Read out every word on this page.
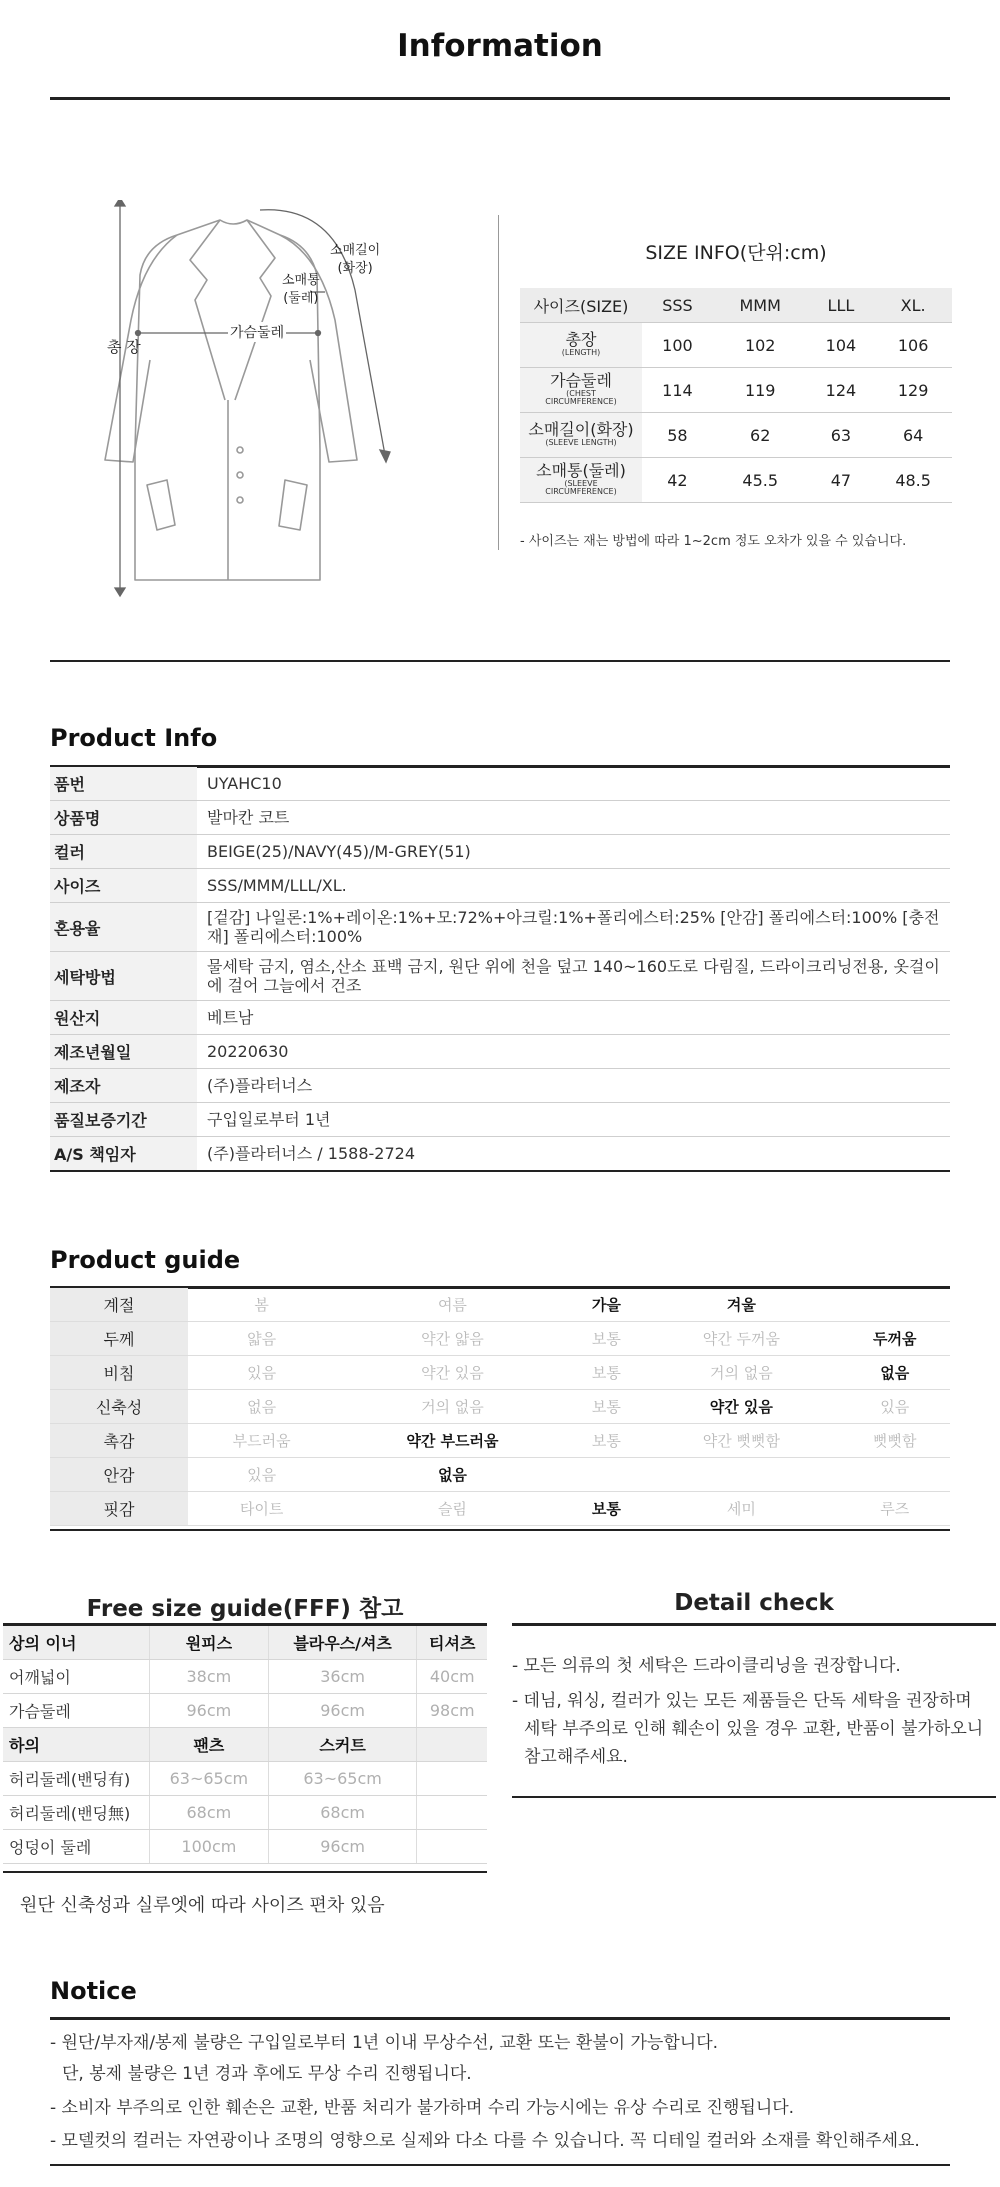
Information
총 장
가슴둘레
소매통
(둘레)
소매길이
(화장)
SIZE INFO(단위:cm)
사이즈(SIZE)	SSS	MMM	LLL	XL.

총장
(LENGTH)	100	102	104	106

가슴둘레
(CHEST CIRCUMFERENCE)	114	119	124	129

소매길이(화장)
(SLEEVE LENGTH)	58	62	63	64

소매통(둘레)
(SLEEVE CIRCUMFERENCE)	42	45.5	47	48.5
- 사이즈는 재는 방법에 따라 1~2cm 정도 오차가 있을 수 있습니다.
Product Info
품번	UYAHC10
상품명	발마칸 코트
컬러	BEIGE(25)/NAVY(45)/M-GREY(51)
사이즈	SSS/MMM/LLL/XL.
혼용율	[겉감] 나일론:1%+레이온:1%+모:72%+아크릴:1%+폴리에스터:25% [안감] 폴리에스터:100% [충전재] 폴리에스터:100%
세탁방법	물세탁 금지, 염소,산소 표백 금지, 원단 위에 천을 덮고 140~160도로 다림질, 드라이크리닝전용, 옷걸이에 걸어 그늘에서 건조
원산지	베트남
제조년월일	20220630
제조자	(주)플라터너스
품질보증기간	구입일로부터 1년
A/S 책임자	(주)플라터너스 / 1588-2724
Product guide
계절	봄	여름	가을	겨울	
두께	얇음	약간 얇음	보통	약간 두꺼움	두꺼움
비침	있음	약간 있음	보통	거의 없음	없음
신축성	없음	거의 없음	보통	약간 있음	있음
촉감	부드러움	약간 부드러움	보통	약간 뻣뻣함	뻣뻣함
안감	있음	없음			
핏감	타이트	슬림	보통	세미	루즈
Free size guide(FFF) 참고
상의 이너	원피스	블라우스/셔츠	티셔츠
어깨넓이	38cm	36cm	40cm
가슴둘레	96cm	96cm	98cm
하의	팬츠	스커트	
허리둘레(밴딩有)	63~65cm	63~65cm	
허리둘레(밴딩無)	68cm	68cm	
엉덩이 둘레	100cm	96cm	
원단 신축성과 실루엣에 따라 사이즈 편차 있음
Detail check
- 모든 의류의 첫 세탁은 드라이클리닝을 권장합니다.
- 데님, 워싱, 컬러가 있는 모든 제품들은 단독 세탁을 권장하며
세탁 부주의로 인해 훼손이 있을 경우 교환, 반품이 불가하오니
참고해주세요.
Notice
- 원단/부자재/봉제 불량은 구입일로부터 1년 이내 무상수선, 교환 또는 환불이 가능합니다.
단, 봉제 불량은 1년 경과 후에도 무상 수리 진행됩니다.
- 소비자 부주의로 인한 훼손은 교환, 반품 처리가 불가하며 수리 가능시에는 유상 수리로 진행됩니다.
- 모델컷의 컬러는 자연광이나 조명의 영향으로 실제와 다소 다를 수 있습니다. 꼭 디테일 컬러와 소재를 확인해주세요.
